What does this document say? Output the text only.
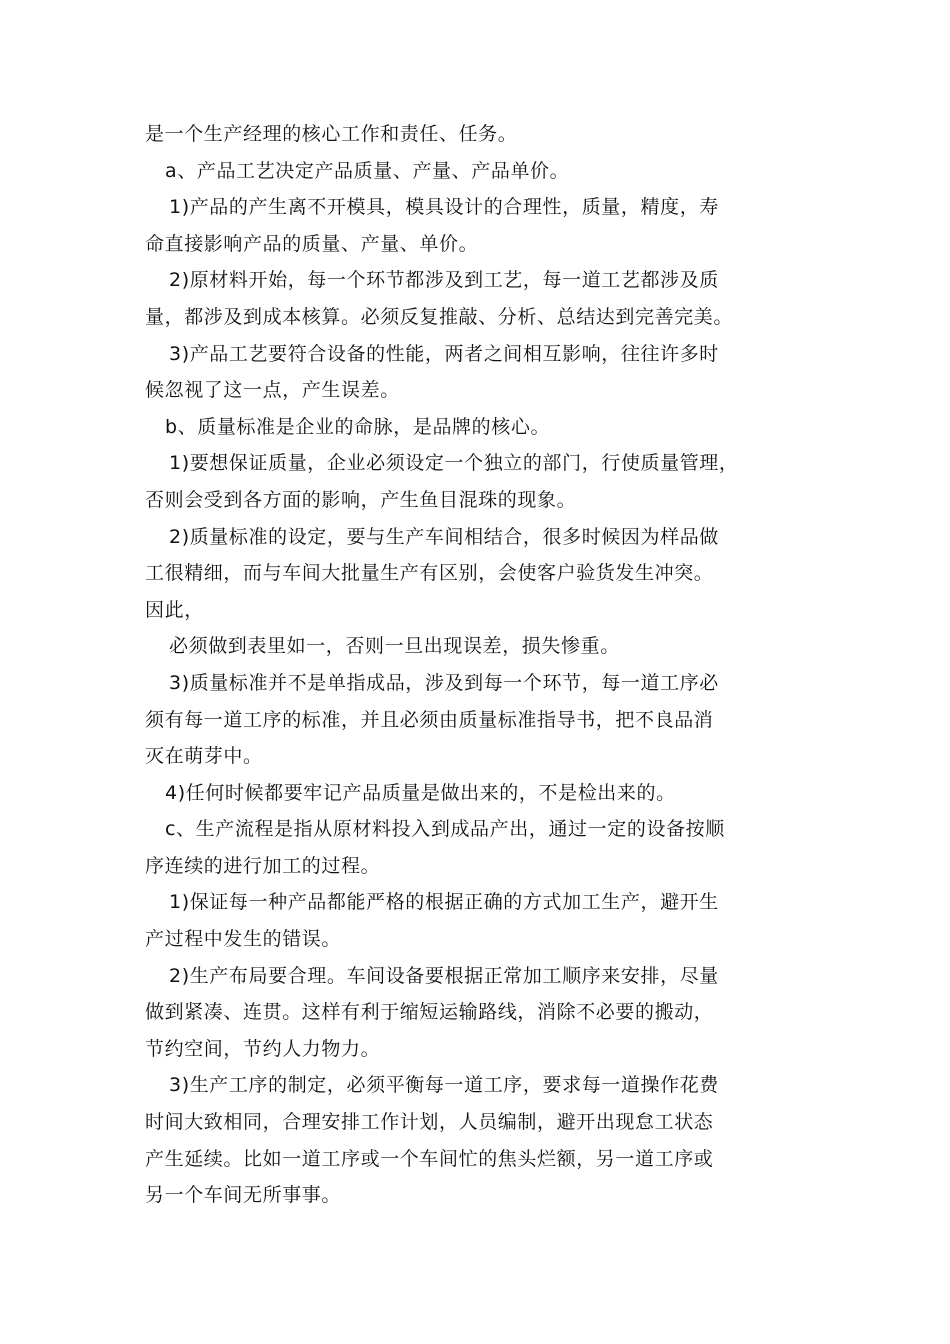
是一个生产经理的核心工作和责任、任务。
a、产品工艺决定产品质量、产量、产品单价。
1)产品的产生离不开模具，模具设计的合理性，质量，精度，寿
命直接影响产品的质量、产量、单价。
2)原材料开始，每一个环节都涉及到工艺，每一道工艺都涉及质
量，都涉及到成本核算。必须反复推敲、分析、总结达到完善完美。
3)产品工艺要符合设备的性能，两者之间相互影响，往往许多时
候忽视了这一点，产生误差。
b、质量标准是企业的命脉，是品牌的核心。
1)要想保证质量，企业必须设定一个独立的部门，行使质量管理，
否则会受到各方面的影响，产生鱼目混珠的现象。
2)质量标准的设定，要与生产车间相结合，很多时候因为样品做
工很精细，而与车间大批量生产有区别，会使客户验货发生冲突。
因此，
必须做到表里如一，否则一旦出现误差，损失惨重。
3)质量标准并不是单指成品，涉及到每一个环节，每一道工序必
须有每一道工序的标准，并且必须由质量标准指导书，把不良品消
灭在萌芽中。
4)任何时候都要牢记产品质量是做出来的，不是检出来的。
c、生产流程是指从原材料投入到成品产出，通过一定的设备按顺
序连续的进行加工的过程。
1)保证每一种产品都能严格的根据正确的方式加工生产，避开生
产过程中发生的错误。
2)生产布局要合理。车间设备要根据正常加工顺序来安排，尽量
做到紧凑、连贯。这样有利于缩短运输路线，消除不必要的搬动，
节约空间，节约人力物力。
3)生产工序的制定，必须平衡每一道工序，要求每一道操作花费
时间大致相同，合理安排工作计划，人员编制，避开出现怠工状态
产生延续。比如一道工序或一个车间忙的焦头烂额，另一道工序或
另一个车间无所事事。
